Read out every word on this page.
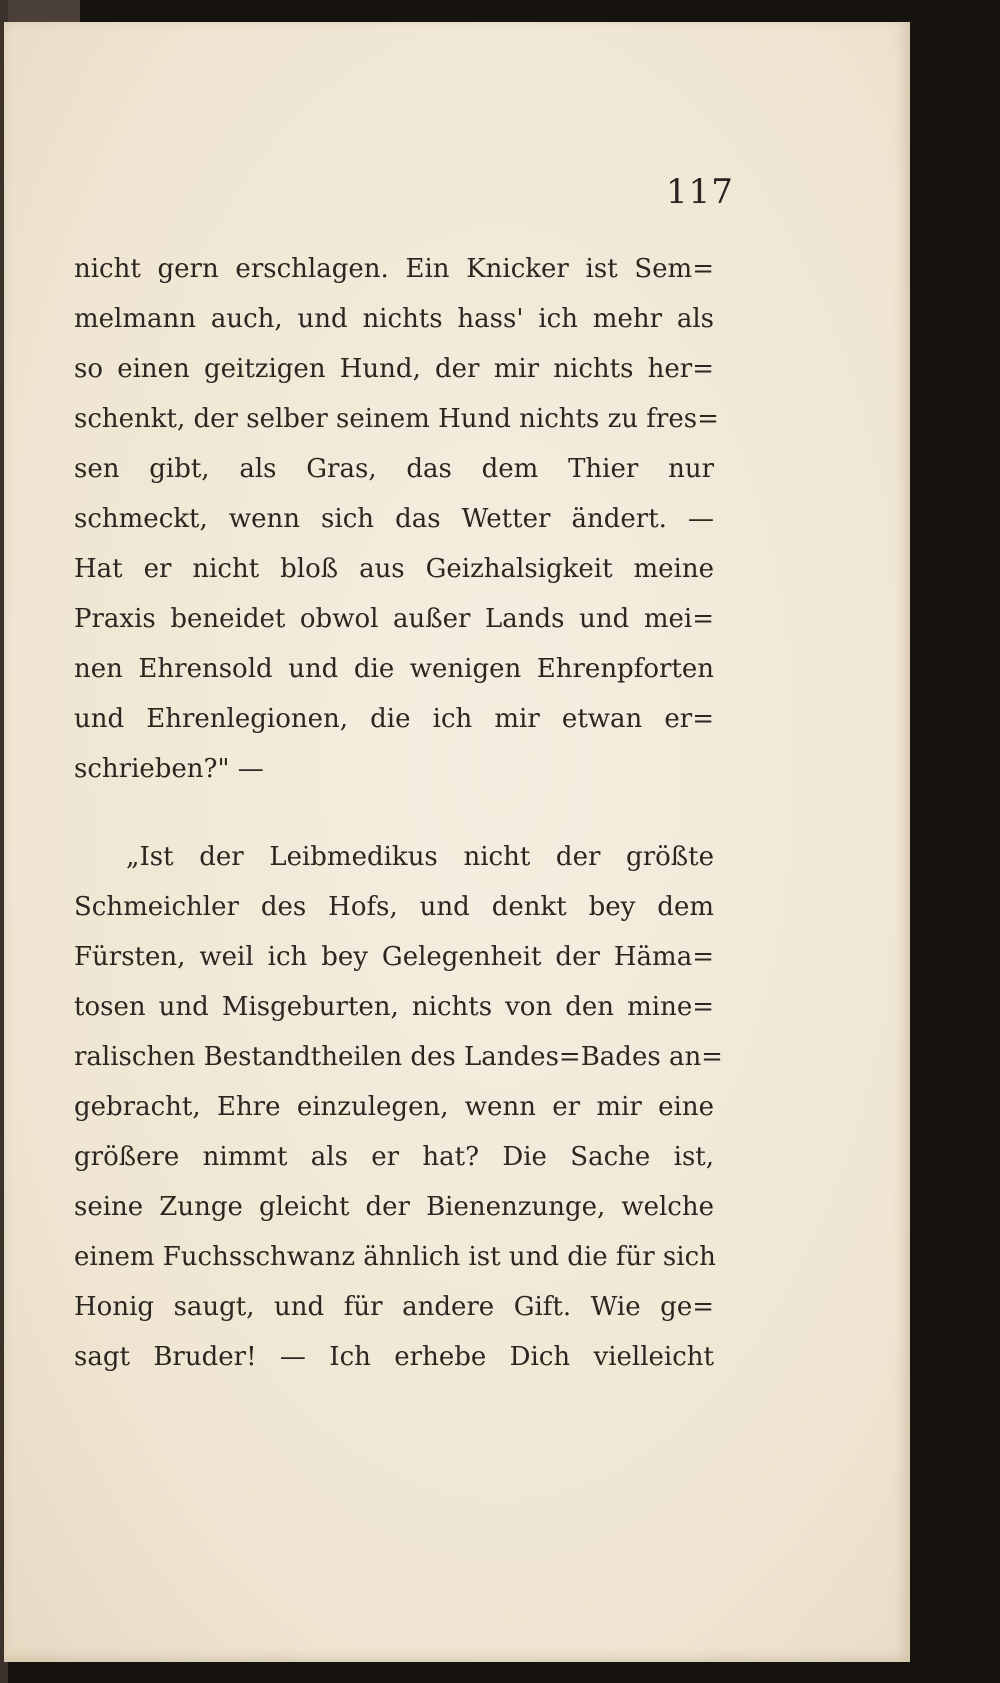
117

nicht gern erschlagen. Ein Knicker ist Sem=
melmann auch, und nichts hass' ich mehr als
so einen geitzigen Hund, der mir nichts her=
schenkt, der selber seinem Hund nichts zu fres=
sen gibt, als Gras, das dem Thier nur
schmeckt, wenn sich das Wetter ändert. —
Hat er nicht bloß aus Geizhalsigkeit meine
Praxis beneidet obwol außer Lands und mei=
nen Ehrensold und die wenigen Ehrenpforten
und Ehrenlegionen, die ich mir etwan er=
schrieben?" —
„Ist der Leibmedikus nicht der größte
Schmeichler des Hofs, und denkt bey dem
Fürsten, weil ich bey Gelegenheit der Häma=
tosen und Misgeburten, nichts von den mine=
ralischen Bestandtheilen des Landes=Bades an=
gebracht, Ehre einzulegen, wenn er mir eine
größere nimmt als er hat? Die Sache ist,
seine Zunge gleicht der Bienenzunge, welche
einem Fuchsschwanz ähnlich ist und die für sich
Honig saugt, und für andere Gift. Wie ge=
sagt Bruder! — Ich erhebe Dich vielleicht
